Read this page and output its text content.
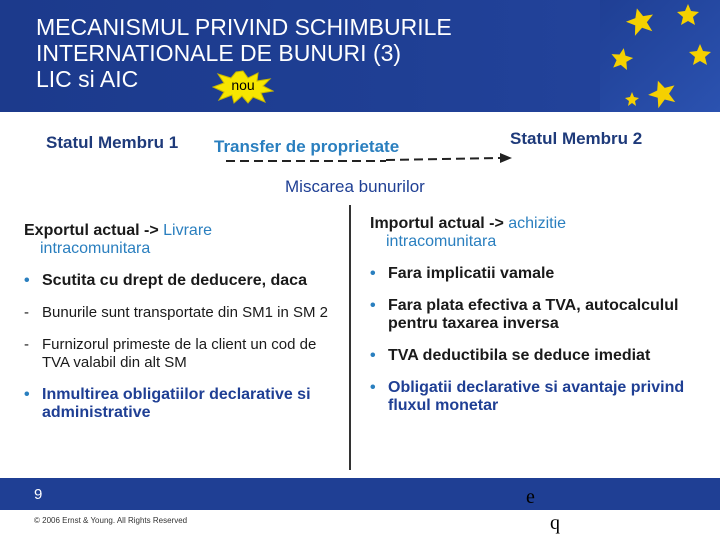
MECANISMUL PRIVIND SCHIMBURILE
INTERNATIONALE DE BUNURI (3)
LIC si AIC	nou
Statul Membru 1 Transfer de proprietate	Statul Membru 2
Miscarea bunurilor
Exportul actual -> Livrare
intracomunitara
• Scutita cu drept de deducere, daca
- Bunurile sunt transportate din SM1 in SM 2
- Furnizorul primeste de la client un cod de TVA valabil din alt SM
• Inmultirea obligatiilor declarative si administrative
Importul actual -> achizitie
intracomunitara
• Fara implicatii vamale
• Fara plata efectiva a TVA, autocalculul pentru taxarea inversa
• TVA deductibila se deduce imediat
• Obligatii declarative si avantaje privind fluxul monetar
9
© 2006 Ernst & Young. All Rights Reserved
e
q
